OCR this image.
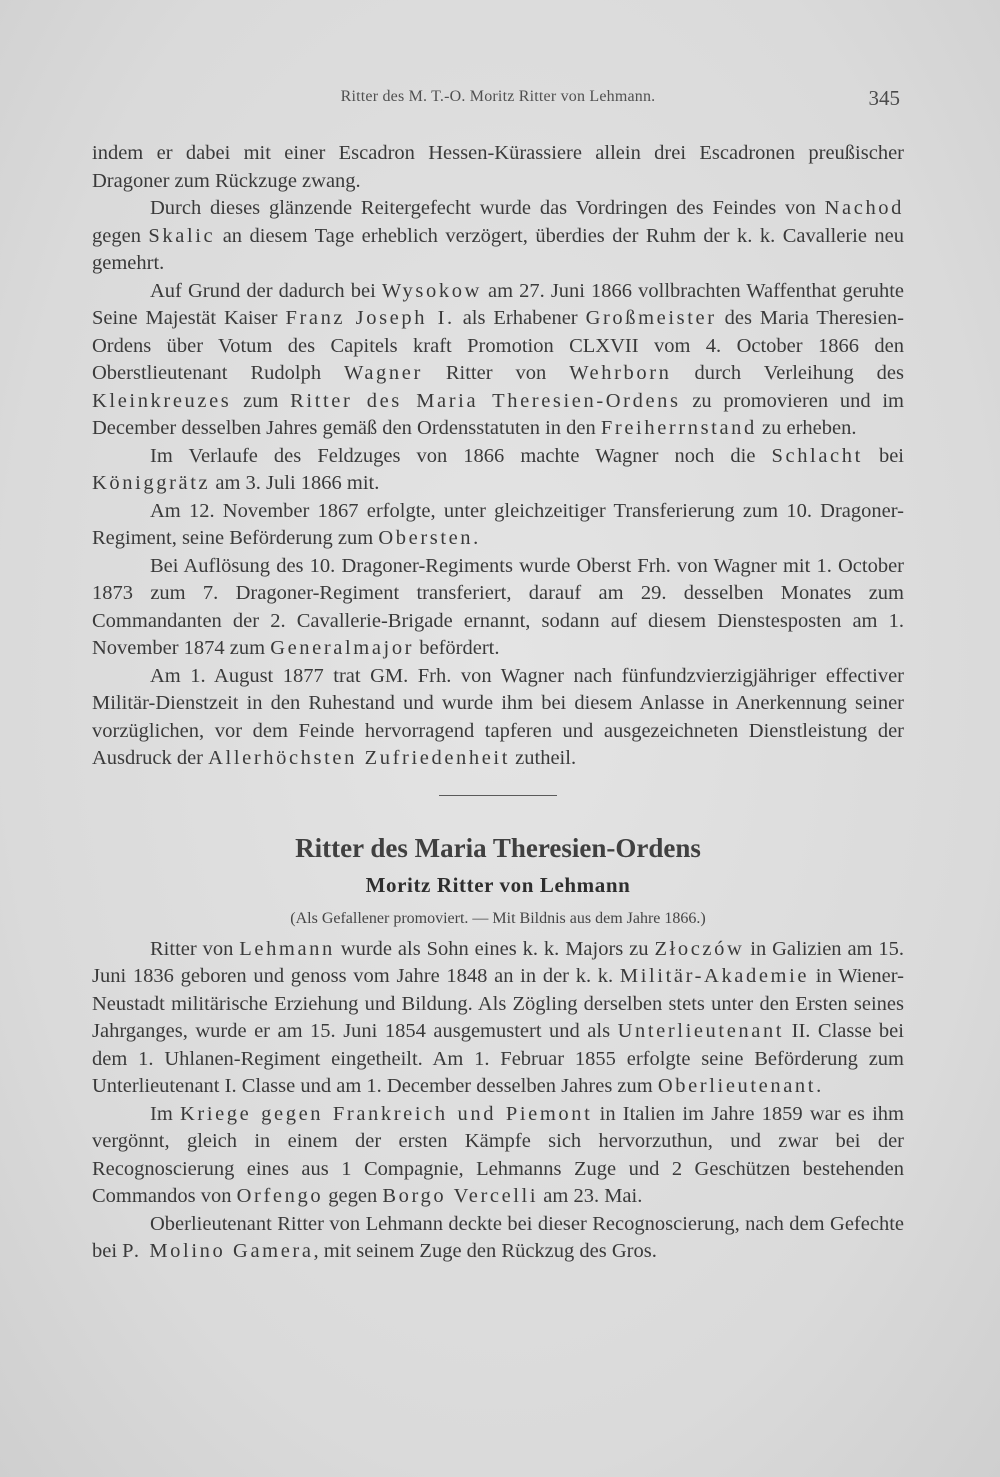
Ritter des M. T.-O. Moritz Ritter von Lehmann.	345

indem er dabei mit einer Escadron Hessen-Kürassiere allein drei Escadronen preußischer Dragoner zum Rückzuge zwang.

Durch dieses glänzende Reitergefecht wurde das Vordringen des Feindes von Nachod gegen Skalic an diesem Tage erheblich verzögert, überdies der Ruhm der k. k. Cavallerie neu gemehrt.

Auf Grund der dadurch bei Wysokow am 27. Juni 1866 vollbrachten Waffenthat geruhte Seine Majestät Kaiser Franz Joseph I. als Erhabener Großmeister des Maria Theresien-Ordens über Votum des Capitels kraft Promotion CLXVII vom 4. October 1866 den Oberstlieutenant Rudolph Wagner Ritter von Wehrborn durch Verleihung des Kleinkreuzes zum Ritter des Maria Theresien-Ordens zu promovieren und im December desselben Jahres gemäß den Ordensstatuten in den Freiherrnstand zu erheben.

Im Verlaufe des Feldzuges von 1866 machte Wagner noch die Schlacht bei Königgrätz am 3. Juli 1866 mit.

Am 12. November 1867 erfolgte, unter gleichzeitiger Transferierung zum 10. Dragoner-Regiment, seine Beförderung zum Obersten.

Bei Auflösung des 10. Dragoner-Regiments wurde Oberst Frh. von Wagner mit 1. October 1873 zum 7. Dragoner-Regiment transferiert, darauf am 29. desselben Monates zum Commandanten der 2. Cavallerie-Brigade ernannt, sodann auf diesem Dienstesposten am 1. November 1874 zum Generalmajor befördert.

Am 1. August 1877 trat GM. Frh. von Wagner nach fünfundzvierzigjähriger effectiver Militär-Dienstzeit in den Ruhestand und wurde ihm bei diesem Anlasse in Anerkennung seiner vorzüglichen, vor dem Feinde hervorragend tapferen und ausgezeichneten Dienstleistung der Ausdruck der Allerhöchsten Zufriedenheit zutheil.

Ritter des Maria Theresien-Ordens
Moritz Ritter von Lehmann
(Als Gefallener promoviert. — Mit Bildnis aus dem Jahre 1866.)

Ritter von Lehmann wurde als Sohn eines k. k. Majors zu Złoczów in Galizien am 15. Juni 1836 geboren und genoss vom Jahre 1848 an in der k. k. Militär-Akademie in Wiener-Neustadt militärische Erziehung und Bildung. Als Zögling derselben stets unter den Ersten seines Jahrganges, wurde er am 15. Juni 1854 ausgemustert und als Unterlieutenant II. Classe bei dem 1. Uhlanen-Regiment eingetheilt. Am 1. Februar 1855 erfolgte seine Beförderung zum Unterlieutenant I. Classe und am 1. December desselben Jahres zum Oberlieutenant.

Im Kriege gegen Frankreich und Piemont in Italien im Jahre 1859 war es ihm vergönnt, gleich in einem der ersten Kämpfe sich hervorzuthun, und zwar bei der Recognoscierung eines aus 1 Compagnie, Lehmanns Zuge und 2 Geschützen bestehenden Commandos von Orfengo gegen Borgo Vercelli am 23. Mai.

Oberlieutenant Ritter von Lehmann deckte bei dieser Recognoscierung, nach dem Gefechte bei P. Molino Gamera, mit seinem Zuge den Rückzug des Gros.
